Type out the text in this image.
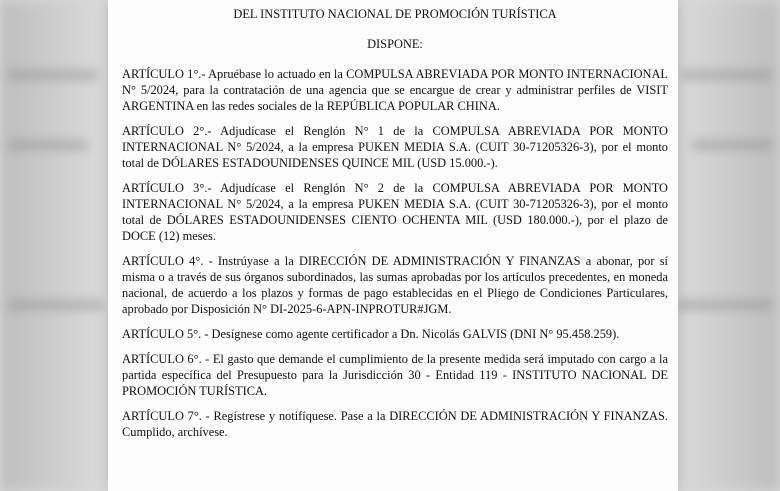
DEL INSTITUTO NACIONAL DE PROMOCIÓN TURÍSTICA

DISPONE:

ARTÍCULO 1°.- Apruébase lo actuado en la COMPULSA ABREVIADA POR MONTO INTERNACIONAL N° 5/2024, para la contratación de una agencia que se encargue de crear y administrar perfiles de VISIT ARGENTINA en las redes sociales de la REPÚBLICA POPULAR CHINA.

ARTÍCULO 2°.- Adjudícase el Renglón N° 1 de la COMPULSA ABREVIADA POR MONTO INTERNACIONAL N° 5/2024, a la empresa PUKEN MEDIA S.A. (CUIT 30-71205326-3), por el monto total de DÓLARES ESTADOUNIDENSES QUINCE MIL (USD 15.000.-).

ARTÍCULO 3°.- Adjudícase el Renglón N° 2 de la COMPULSA ABREVIADA POR MONTO INTERNACIONAL N° 5/2024, a la empresa PUKEN MEDIA S.A. (CUIT 30-71205326-3), por el monto total de DÓLARES ESTADOUNIDENSES CIENTO OCHENTA MIL (USD 180.000.-), por el plazo de DOCE (12) meses.

ARTÍCULO 4°. - Instrúyase a la DIRECCIÓN DE ADMINISTRACIÓN Y FINANZAS a abonar, por sí misma o a través de sus órganos subordinados, las sumas aprobadas por los artículos precedentes, en moneda nacional, de acuerdo a los plazos y formas de pago establecidas en el Pliego de Condiciones Particulares, aprobado por Disposición N° DI-2025-6-APN-INPROTUR#JGM.

ARTÍCULO 5°. - Desígnese como agente certificador a Dn. Nicolás GALVIS (DNI N° 95.458.259).

ARTÍCULO 6°. - El gasto que demande el cumplimiento de la presente medida será imputado con cargo a la partida específica del Presupuesto para la Jurisdicción 30 - Entidad 119 - INSTITUTO NACIONAL DE PROMOCIÓN TURÍSTICA.

ARTÍCULO 7°. - Regístrese y notifíquese. Pase a la DIRECCIÓN DE ADMINISTRACIÓN Y FINANZAS. Cumplido, archívese.
